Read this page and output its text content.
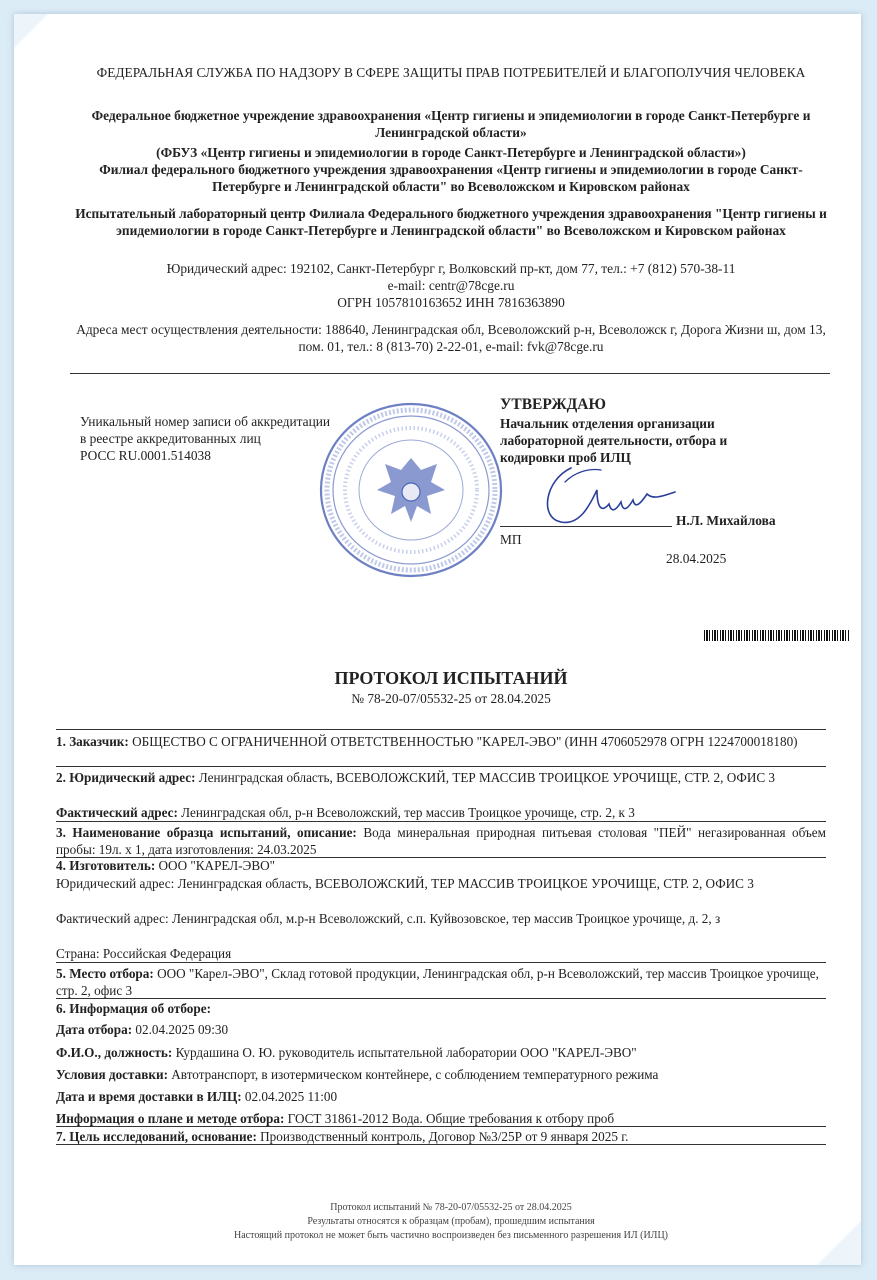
ФЕДЕРАЛЬНАЯ СЛУЖБА ПО НАДЗОРУ В СФЕРЕ ЗАЩИТЫ ПРАВ ПОТРЕБИТЕЛЕЙ И БЛАГОПОЛУЧИЯ ЧЕЛОВЕКА
Федеральное бюджетное учреждение здравоохранения «Центр гигиены и эпидемиологии в городе Санкт-Петербурге и Ленинградской области»
(ФБУЗ «Центр гигиены и эпидемиологии в городе Санкт-Петербурге и Ленинградской области»)
Филиал федерального бюджетного учреждения здравоохранения «Центр гигиены и эпидемиологии в городе Санкт-Петербурге и Ленинградской области" во Всеволожском и Кировском районах
Испытательный лабораторный центр Филиала Федерального бюджетного учреждения здравоохранения "Центр гигиены и эпидемиологии в городе Санкт-Петербурге и Ленинградской области" во Всеволожском и Кировском районах
Юридический адрес: 192102, Санкт-Петербург г, Волковский пр-кт, дом 77, тел.: +7 (812) 570-38-11
e-mail: centr@78cge.ru
ОГРН 1057810163652 ИНН 7816363890
Адреса мест осуществления деятельности: 188640, Ленинградская обл, Всеволожский р-н, Всеволожск г, Дорога Жизни ш, дом 13, пом. 01, тел.: 8 (813-70) 2-22-01, e-mail: fvk@78cge.ru
Уникальный номер записи об аккредитации
в реестре аккредитованных лиц
РОСС RU.0001.514038
УТВЕРЖДАЮ
Начальник отделения организации лабораторной деятельности, отбора и кодировки проб ИЛЦ
Н.Л. Михайлова
МП
28.04.2025
ПРОТОКОЛ ИСПЫТАНИЙ
№ 78-20-07/05532-25 от 28.04.2025
1. Заказчик: ОБЩЕСТВО С ОГРАНИЧЕННОЙ ОТВЕТСТВЕННОСТЬЮ "КАРЕЛ-ЭВО" (ИНН 4706052978 ОГРН 1224700018180)
2. Юридический адрес: Ленинградская область, ВСЕВОЛОЖСКИЙ, ТЕР МАССИВ ТРОИЦКОЕ УРОЧИЩЕ, СТР. 2, ОФИС 3
Фактический адрес: Ленинградская обл, р-н Всеволожский, тер массив Троицкое урочище, стр. 2, к 3
3. Наименование образца испытаний, описание: Вода минеральная природная питьевая столовая "ПЕЙ" негазированная объем пробы: 19л. х 1, дата изготовления: 24.03.2025
4. Изготовитель: ООО "КАРЕЛ-ЭВО"
Юридический адрес: Ленинградская область, ВСЕВОЛОЖСКИЙ, ТЕР МАССИВ ТРОИЦКОЕ УРОЧИЩЕ, СТР. 2, ОФИС 3
Фактический адрес: Ленинградская обл, м.р-н Всеволожский, с.п. Куйвозовское, тер массив Троицкое урочище, д. 2, з
Страна: Российская Федерация
5. Место отбора: ООО "Карел-ЭВО", Склад готовой продукции, Ленинградская обл, р-н Всеволожский, тер массив Троицкое урочище, стр. 2, офис 3
6. Информация об отборе:
Дата отбора: 02.04.2025 09:30
Ф.И.О., должность: Курдашина О. Ю. руководитель испытательной лаборатории ООО "КАРЕЛ-ЭВО"
Условия доставки: Автотранспорт, в изотермическом контейнере, с соблюдением температурного режима
Дата и время доставки в ИЛЦ: 02.04.2025 11:00
Информация о плане и методе отбора: ГОСТ 31861-2012 Вода. Общие требования к отбору проб
7. Цель исследований, основание: Производственный контроль, Договор №3/25Р от 9 января 2025 г.
Протокол испытаний № 78-20-07/05532-25 от 28.04.2025
Результаты относятся к образцам (пробам), прошедшим испытания
Настоящий протокол не может быть частично воспроизведен без письменного разрешения ИЛ (ИЛЦ)
